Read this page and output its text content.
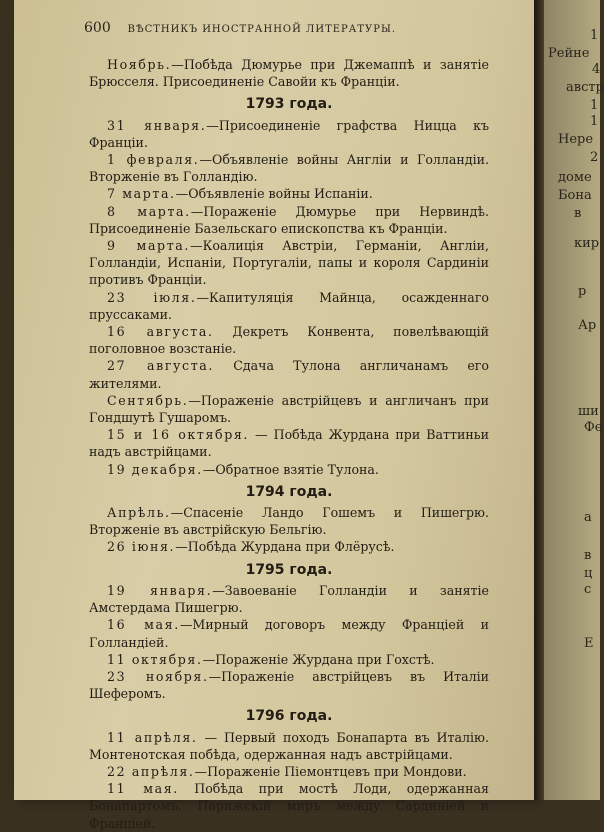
600 ВѢСТНИКЪ ИНОСТРАННОЙ ЛИТЕРАТУРЫ.

Ноябрь.—Побѣда Дюмурье при Джемаппѣ и занятіе Брюсселя. Присоединеніе Савойи къ Франціи.

1793 года.

31 января.—Присоединеніе графства Ницца къ Франціи.

1 февраля.—Объявленіе войны Англіи и Голландіи. Вторженіе въ Голландію.

7 марта.—Объявленіе войны Испаніи.

8 марта.—Пораженіе Дюмурье при Нервиндѣ. Присоединеніе Базельскаго епископства къ Франціи.

9 марта.—Коалиція Австріи, Германіи, Англіи, Голландіи, Испаніи, Португаліи, папы и короля Сардиніи противъ Франціи.

23 іюля.—Капитуляція Майнца, осажденнаго пруссаками.

16 августа. Декретъ Конвента, повелѣвающій поголовное возстаніе.

27 августа. Сдача Тулона англичанамъ его жителями.

Сентябрь.—Пораженіе австрійцевъ и англичанъ при Гондшутѣ Гушаромъ.

15 и 16 октября. — Побѣда Журдана при Ваттиньи надъ австрійцами.

19 декабря.—Обратное взятіе Тулона.

1794 года.

Апрѣль.—Спасеніе Ландо Гошемъ и Пишегрю. Вторженіе въ австрійскую Бельгію.

26 іюня.—Побѣда Журдана при Флёрусѣ.

1795 года.

19 января.—Завоеваніе Голландіи и занятіе Амстердама Пишегрю.

16 мая.—Мирный договоръ между Франціей и Голландіей.

11 октября.—Пораженіе Журдана при Гохстѣ.

23 ноября.—Пораженіе австрійцевъ въ Италіи Шеферомъ.

1796 года.

11 апрѣля. — Первый походъ Бонапарта въ Италію. Монтенотская побѣда, одержанная надъ австрійцами.

22 апрѣля.—Пораженіе Піемонтцевъ при Мондови.

11 мая. Побѣда при мостѣ Лоди, одержанная Бонапартомъ. Парижскій миръ между Сардиніей и Франціей.

1
Рейне
4
австр
1
1
Нере
2
доме
Бона
в
кир
р
Ар
ши
Фе
а
в
ц
с
Е
